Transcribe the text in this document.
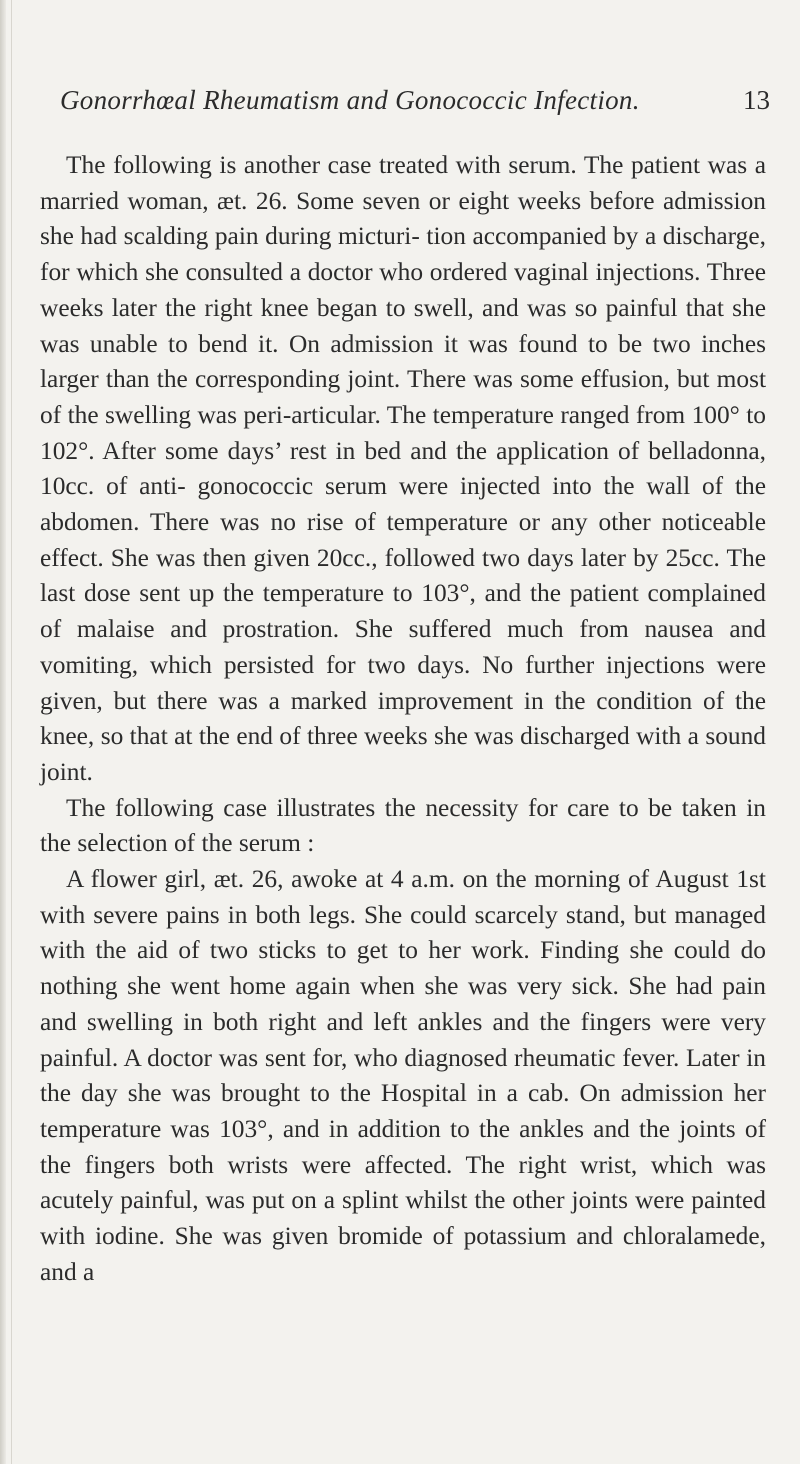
Gonorrhœal Rheumatism and Gonococcic Infection.	13

The following is another case treated with serum. The patient was a married woman, æt. 26. Some seven or eight weeks before admission she had scalding pain during micturi- tion accompanied by a discharge, for which she consulted a doctor who ordered vaginal injections. Three weeks later the right knee began to swell, and was so painful that she was unable to bend it. On admission it was found to be two inches larger than the corresponding joint. There was some effusion, but most of the swelling was peri-articular. The temperature ranged from 100° to 102°. After some days’ rest in bed and the application of belladonna, 10cc. of anti- gonococcic serum were injected into the wall of the abdomen. There was no rise of temperature or any other noticeable effect. She was then given 20cc., followed two days later by 25cc. The last dose sent up the temperature to 103°, and the patient complained of malaise and prostration. She suffered much from nausea and vomiting, which persisted for two days. No further injections were given, but there was a marked improvement in the condition of the knee, so that at the end of three weeks she was discharged with a sound joint.

The following case illustrates the necessity for care to be taken in the selection of the serum :

A flower girl, æt. 26, awoke at 4 a.m. on the morning of August 1st with severe pains in both legs. She could scarcely stand, but managed with the aid of two sticks to get to her work. Finding she could do nothing she went home again when she was very sick. She had pain and swelling in both right and left ankles and the fingers were very painful. A doctor was sent for, who diagnosed rheumatic fever. Later in the day she was brought to the Hospital in a cab. On admission her temperature was 103°, and in addition to the ankles and the joints of the fingers both wrists were affected. The right wrist, which was acutely painful, was put on a splint whilst the other joints were painted with iodine. She was given bromide of potassium and chloralamede, and a
